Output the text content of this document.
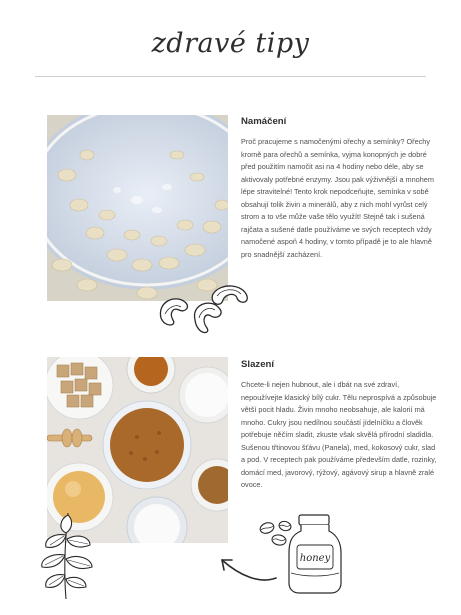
zdravé tipy
Namáčení
Proč pracujeme s namočenými ořechy a semínky? Ořechy kromě para ořechů a semínka, vyjma konopných je dobré před použitím namočit asi na 4 hodiny nebo déle, aby se aktivovaly potřebné enzymy. Jsou pak výživnější a mnohem lépe stravitelné! Tento krok nepodceňujte, semínka v sobě obsahují tolik živin a minerálů, aby z nich mohl vyrůst celý strom a to vše může vaše tělo využít! Stejně tak i sušená rajčata a sušené datle používáme ve svých receptech vždy namočené aspoň 4 hodiny, v tomto případě je to ale hlavně pro snadnější zacházení.
Slazení
Chcete-li nejen hubnout, ale i dbát na své zdraví, nepoužívejte klasický bílý cukr. Tělu neprospívá a způsobuje větší pocit hladu. Živin mnoho neobsahuje, ale kalorií má mnoho. Cukry jsou nedílnou součástí jídelníčku a člověk potřebuje něčím sladit, zkuste však skvělá přírodní sladidla. Sušenou třtinovou šťávu (Panela), med, kokosový cukr, slad a pod. V receptech pak používáme především datle, rozinky, domácí med, javorový, rýžový, agávový sirup a hlavně zralé ovoce.
honey
